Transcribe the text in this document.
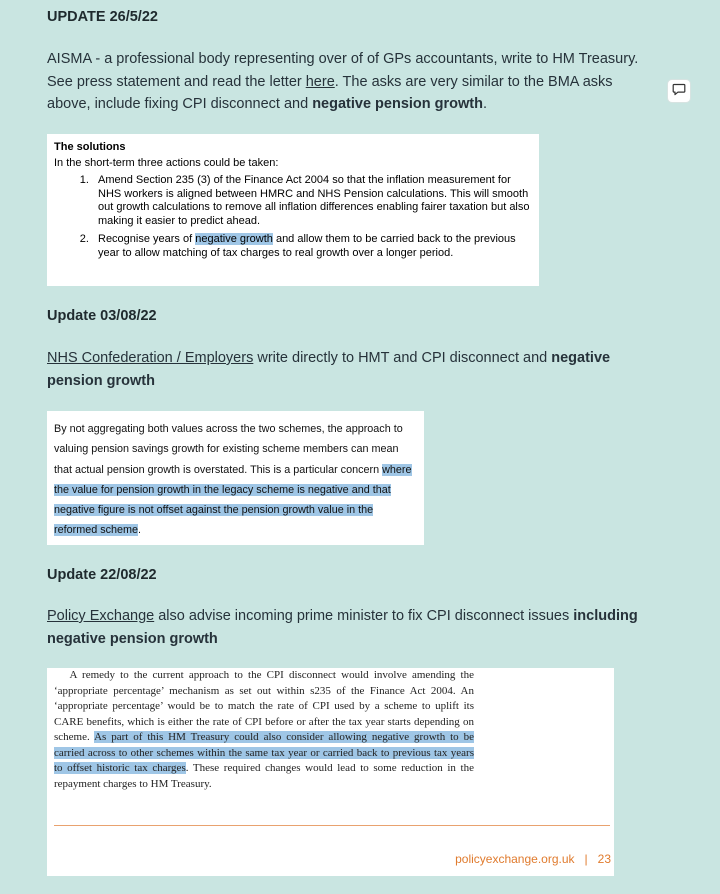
UPDATE 26/5/22
AISMA - a professional body representing over of of GPs accountants, write to HM Treasury. See press statement and read the letter here. The asks are very similar to the BMA asks above, include fixing CPI disconnect and negative pension growth.
The solutions
In the short-term three actions could be taken:
1. Amend Section 235 (3) of the Finance Act 2004 so that the inflation measurement for NHS workers is aligned between HMRC and NHS Pension calculations. This will smooth out growth calculations to remove all inflation differences enabling fairer taxation but also making it easier to predict ahead.
2. Recognise years of negative growth and allow them to be carried back to the previous year to allow matching of tax charges to real growth over a longer period.
Update 03/08/22
NHS Confederation / Employers write directly to HMT and CPI disconnect and negative pension growth
By not aggregating both values across the two schemes, the approach to valuing pension savings growth for existing scheme members can mean that actual pension growth is overstated. This is a particular concern where the value for pension growth in the legacy scheme is negative and that negative figure is not offset against the pension growth value in the reformed scheme.
Update 22/08/22
Policy Exchange also advise incoming prime minister to fix CPI disconnect issues including negative pension growth
A remedy to the current approach to the CPI disconnect would involve amending the ‘appropriate percentage’ mechanism as set out within s235 of the Finance Act 2004. An ‘appropriate percentage’ would be to match the rate of CPI used by a scheme to uplift its CARE benefits, which is either the rate of CPI before or after the tax year starts depending on scheme. As part of this HM Treasury could also consider allowing negative growth to be carried across to other schemes within the same tax year or carried back to previous tax years to offset historic tax charges. These required changes would lead to some reduction in the repayment charges to HM Treasury.
policyexchange.org.uk | 23
